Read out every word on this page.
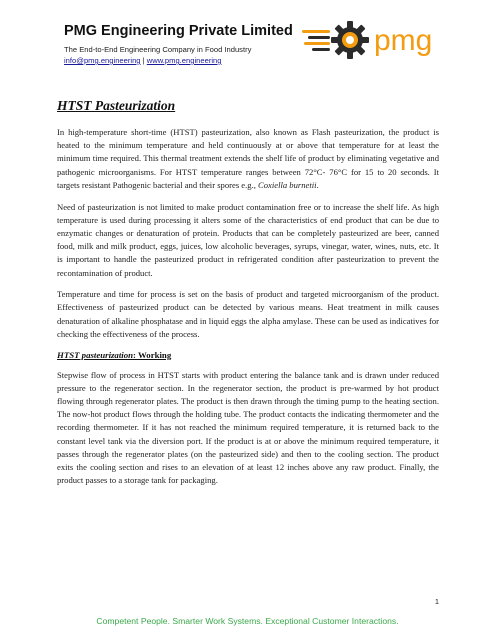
PMG Engineering Private Limited
The End-to-End Engineering Company in Food Industry
info@pmg.engineering | www.pmg.engineering
pmg
HTST Pasteurization

In high-temperature short-time (HTST) pasteurization, also known as Flash pasteurization, the product is heated to the minimum temperature and held continuously at or above that temperature for at least the minimum time required. This thermal treatment extends the shelf life of product by eliminating vegetative and pathogenic microorganisms. For HTST temperature ranges between 72°C- 76°C for 15 to 20 seconds. It targets resistant Pathogenic bacterial and their spores e.g., Coxiella burnetii.

Need of pasteurization is not limited to make product contamination free or to increase the shelf life. As high temperature is used during processing it alters some of the characteristics of end product that can be due to enzymatic changes or denaturation of protein. Products that can be completely pasteurized are beer, canned food, milk and milk product, eggs, juices, low alcoholic beverages, syrups, vinegar, water, wines, nuts, etc. It is important to handle the pasteurized product in refrigerated condition after pasteurization to prevent the recontamination of product.

Temperature and time for process is set on the basis of product and targeted microorganism of the product. Effectiveness of pasteurized product can be detected by various means. Heat treatment in milk causes denaturation of alkaline phosphatase and in liquid eggs the alpha amylase. These can be used as indicatives for checking the effectiveness of the process.

HTST pasteurization: Working

Stepwise flow of process in HTST starts with product entering the balance tank and is drawn under reduced pressure to the regenerator section. In the regenerator section, the product is pre-warmed by hot product flowing through regenerator plates. The product is then drawn through the timing pump to the heating section. The now-hot product flows through the holding tube. The product contacts the indicating thermometer and the recording thermometer. If it has not reached the minimum required temperature, it is returned back to the constant level tank via the diversion port. If the product is at or above the minimum required temperature, it passes through the regenerator plates (on the pasteurized side) and then to the cooling section. The product exits the cooling section and rises to an elevation of at least 12 inches above any raw product. Finally, the product passes to a storage tank for packaging.

1
Competent People. Smarter Work Systems. Exceptional Customer Interactions.
